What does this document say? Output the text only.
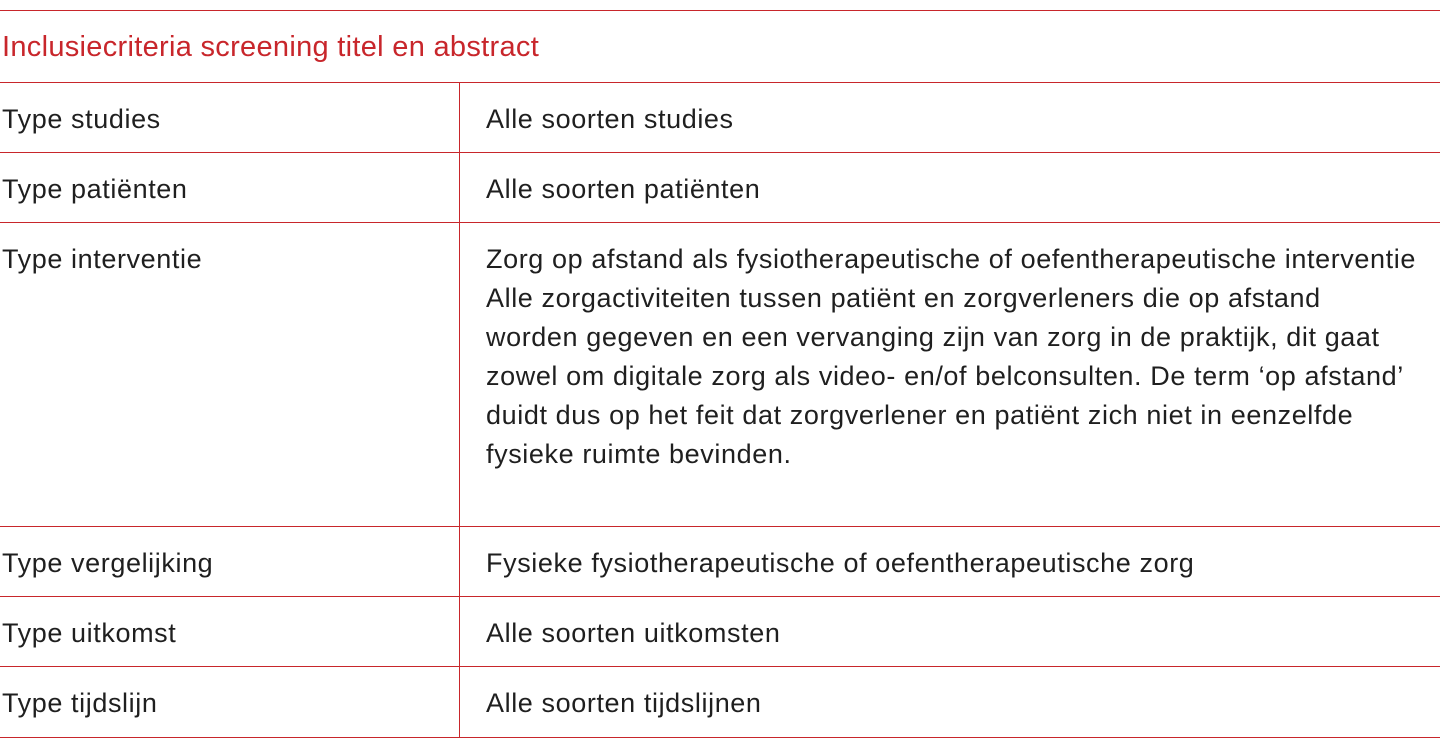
Inclusiecriteria screening titel en abstract
Type studies	Alle soorten studies
Type patiënten	Alle soorten patiënten
Type interventie	Zorg op afstand als fysiotherapeutische of oefentherapeutische interventie
Alle zorgactiviteiten tussen patiënt en zorgverleners die op afstand worden gegeven en een vervanging zijn van zorg in de praktijk, dit gaat zowel om digitale zorg als video- en/of belconsulten. De term ‘op afstand’ duidt dus op het feit dat zorgverlener en patiënt zich niet in eenzelfde fysieke ruimte bevinden.
Type vergelijking	Fysieke fysiotherapeutische of oefentherapeutische zorg
Type uitkomst	Alle soorten uitkomsten
Type tijdslijn	Alle soorten tijdslijnen
